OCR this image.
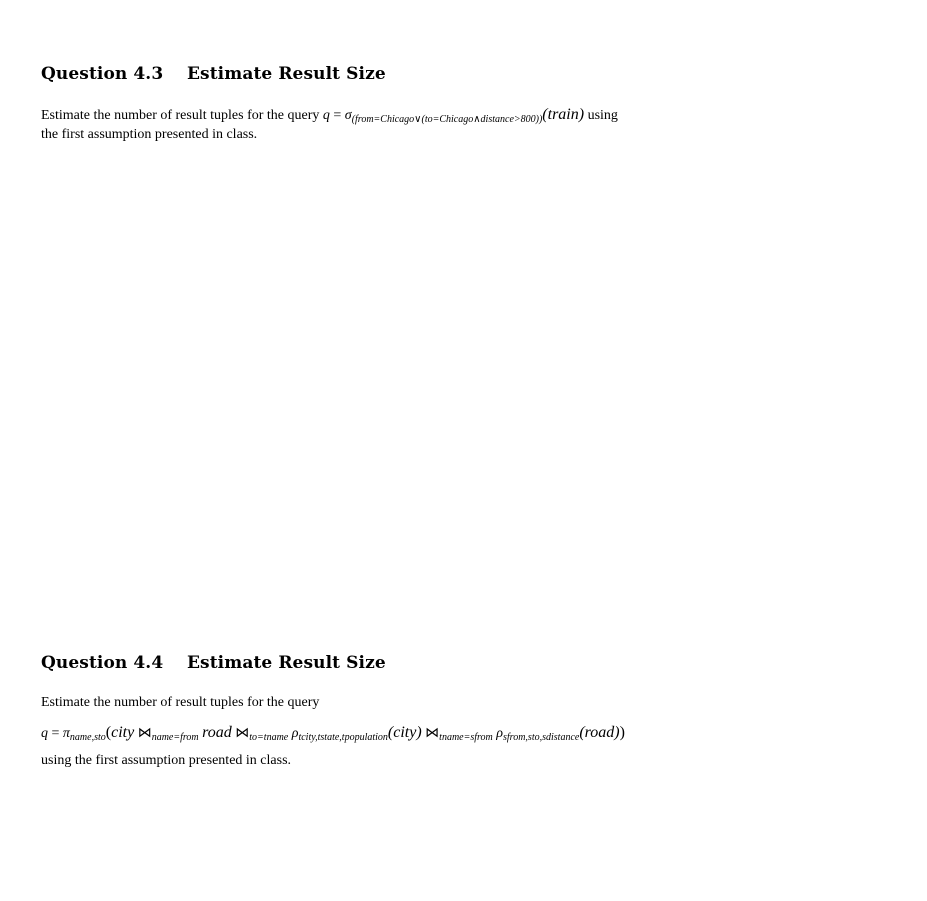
Question 4.3 Estimate Result Size
Estimate the number of result tuples for the query $q = \sigma_{(from=Chicago\vee(to=Chicago\wedge distance>800))}(train)$ using
the first assumption presented in class.
Question 4.4 Estimate Result Size
Estimate the number of result tuples for the query
$q = \pi_{name,sto}(city$ $⋈_{name=from}$ road $⋈_{to=tname}$ $\rho_{tcity,tstate,tpopulation}(city)$ $⋈_{tname=sfrom}$ $\rho_{sfrom,sto,sdistance}(road)$)
using the first assumption presented in class.
